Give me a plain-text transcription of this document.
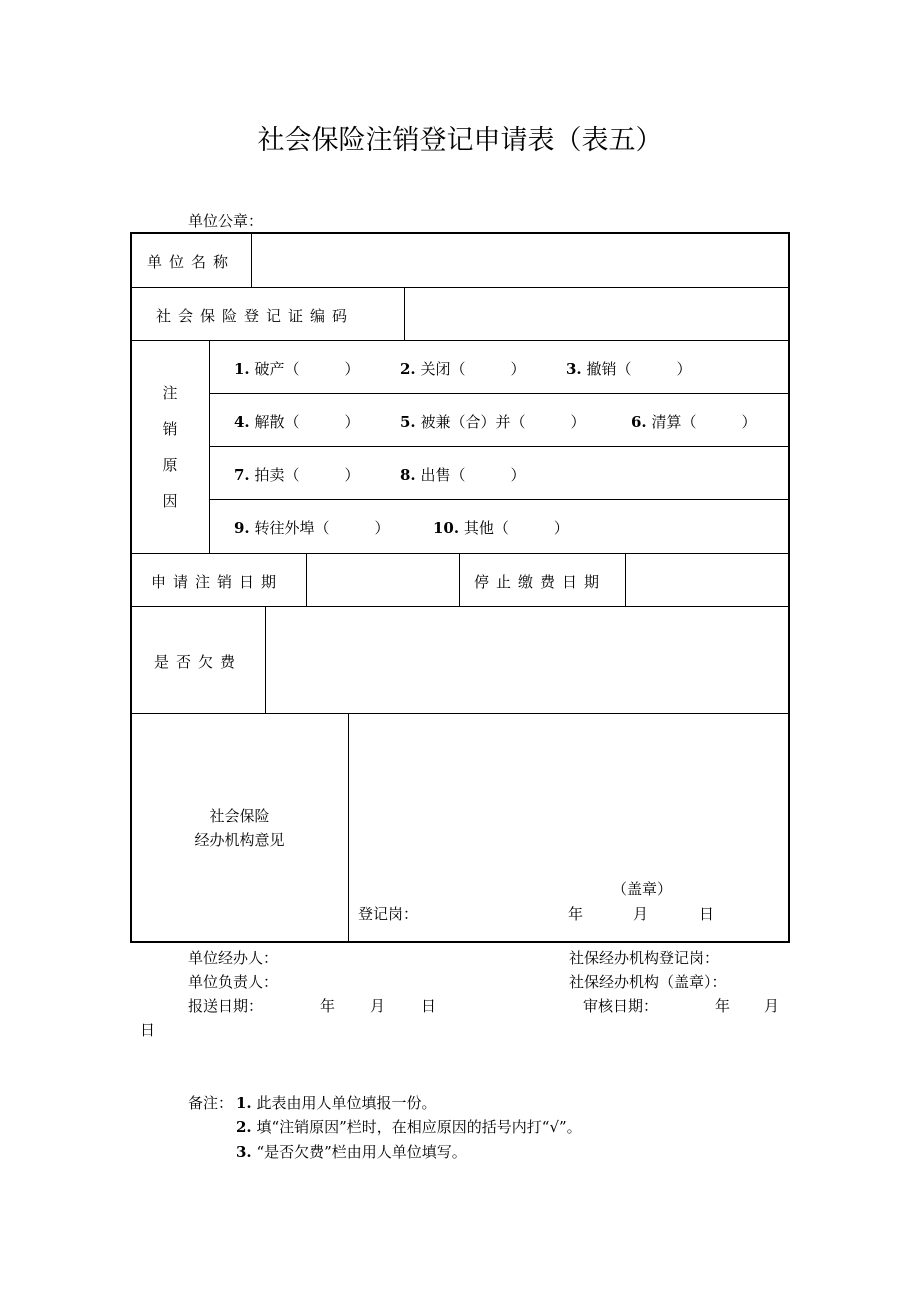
社会保险注销登记申请表（表五）
单位公章：
单位名称
社会保险登记证编码
注
销
原
因
1. 破产（　　　）	2. 关闭（　　　）	3. 撤销（　　　）
4. 解散（　　　）	5. 被兼（合）并（　　　）	6. 清算（　　　）
7. 拍卖（　　　）	8. 出售（　　　）
9. 转往外埠（　　　）	10. 其他（　　　）
申请注销日期	停止缴费日期
是否欠费
社会保险
经办机构意见
（盖章）
登记岗：	年	月	日
单位经办人：	社保经办机构登记岗：
单位负责人：	社保经办机构（盖章）：
报送日期：	年 月 日	审核日期：	年 月
日
备注： 1. 此表由用人单位填报一份。
2. 填“注销原因”栏时，在相应原因的括号内打“√”。
3. “是否欠费”栏由用人单位填写。
